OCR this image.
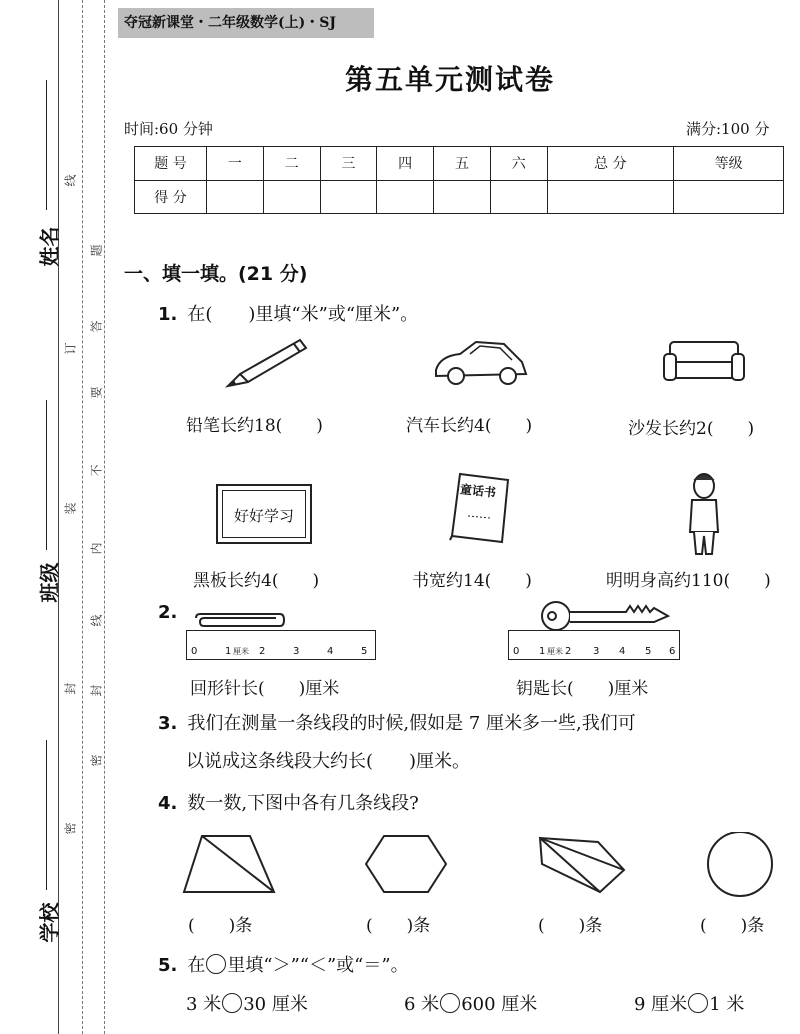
姓名
班级
学校
线
订
装
封
密
题
答
要
不
内
线
封
密
夺冠新课堂・二年级数学(上)・SJ
第五单元测试卷
时间:60 分钟	满分:100 分
题 号	一	二	三	四	五	六	总 分	等级
得 分								
一、填一填。(21 分)
1. 在(　　)里填“米”或“厘米”。
铅笔长约18(　　)	汽车长约4(　　)	沙发长约2(　　)
好好学习
童话书
黑板长约4(　　)	书宽约14(　　)	明明身高约110(　　)
2.
0	1 厘米 2	3	4	5	0 1 厘米 2 3 4 5 6
回形针长(　　)厘米	钥匙长(　　)厘米
3. 我们在测量一条线段的时候,假如是 7 厘米多一些,我们可
以说成这条线段大约长(　　)厘米。
4. 数一数,下图中各有几条线段?
(　　)条	(　　)条	(　　)条	(　　)条
5. 在 里填“＞”“＜”或“＝”。
3 米 30 厘米	6 米 600 厘米	9 厘米 1 米
